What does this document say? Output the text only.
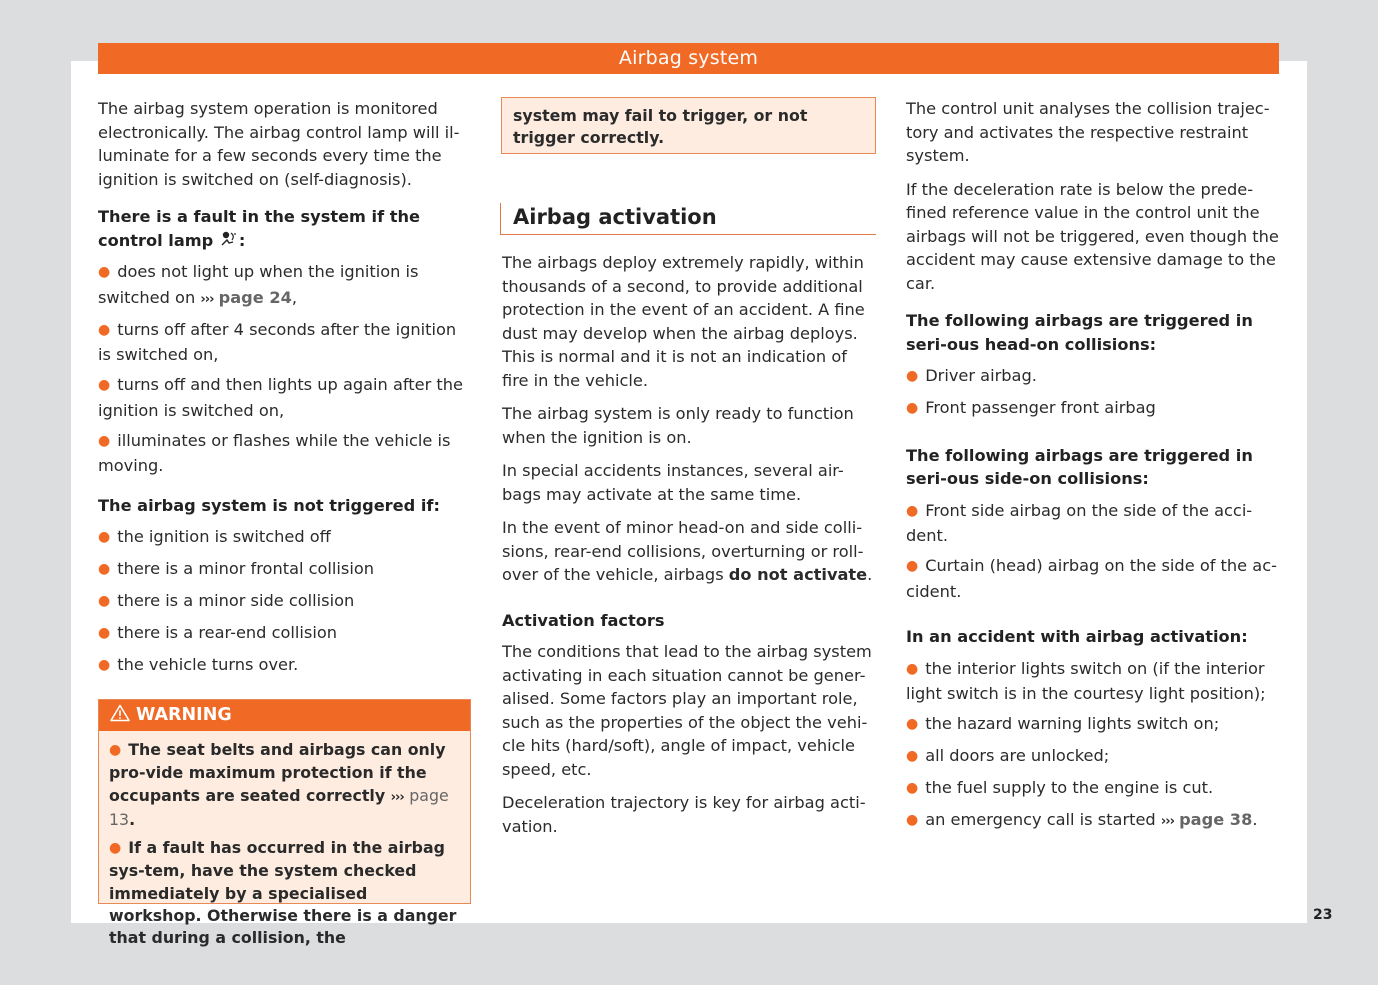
Airbag system

The airbag system operation is monitored electronically. The airbag control lamp will il-luminate for a few seconds every time the ignition is switched on (self-diagnosis).

There is a fault in the system if the control lamp :
● does not light up when the ignition is switched on ››› page 24,
● turns off after 4 seconds after the ignition is switched on,
● turns off and then lights up again after the ignition is switched on,
● illuminates or flashes while the vehicle is moving.
The airbag system is not triggered if:
● the ignition is switched off
● there is a minor frontal collision
● there is a minor side collision
● there is a rear-end collision
● the vehicle turns over.
WARNING

● The seat belts and airbags can only pro-vide maximum protection if the occupants are seated correctly ››› page 13.

● If a fault has occurred in the airbag sys-tem, have the system checked immediately by a specialised workshop. Otherwise there is a danger that during a collision, the

system may fail to trigger, or not trigger correctly.
Airbag activation

The airbags deploy extremely rapidly, within thousands of a second, to provide additional protection in the event of an accident. A fine dust may develop when the airbag deploys. This is normal and it is not an indication of fire in the vehicle.

The airbag system is only ready to function when the ignition is on.

In special accidents instances, several air-bags may activate at the same time.

In the event of minor head-on and side colli-sions, rear-end collisions, overturning or roll-over of the vehicle, airbags do not activate.

Activation factors

The conditions that lead to the airbag system activating in each situation cannot be gener-alised. Some factors play an important role, such as the properties of the object the vehi-cle hits (hard/soft), angle of impact, vehicle speed, etc.

Deceleration trajectory is key for airbag acti-vation.

The control unit analyses the collision trajec-tory and activates the respective restraint system.

If the deceleration rate is below the prede-fined reference value in the control unit the airbags will not be triggered, even though the accident may cause extensive damage to the car.

The following airbags are triggered in seri-ous head-on collisions:
● Driver airbag.
● Front passenger front airbag
The following airbags are triggered in seri-ous side-on collisions:
● Front side airbag on the side of the acci-dent.
● Curtain (head) airbag on the side of the ac-cident.
In an accident with airbag activation:
● the interior lights switch on (if the interior light switch is in the courtesy light position);
● the hazard warning lights switch on;
● all doors are unlocked;
● the fuel supply to the engine is cut.
● an emergency call is started ››› page 38.
23
